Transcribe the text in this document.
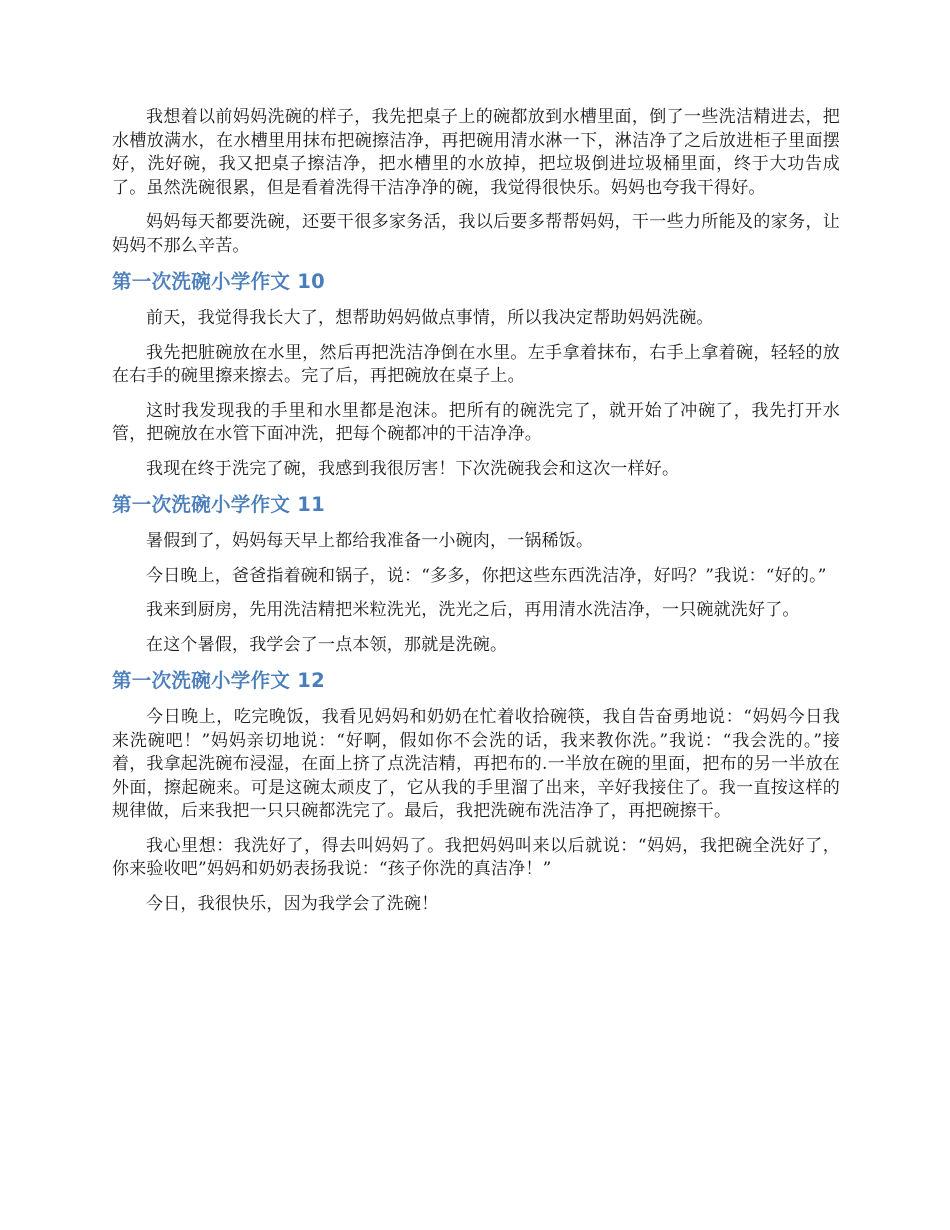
我想着以前妈妈洗碗的样子，我先把桌子上的碗都放到水槽里面，倒了一些洗洁精进去，把水槽放满水，在水槽里用抹布把碗擦洁净，再把碗用清水淋一下，淋洁净了之后放进柜子里面摆好，洗好碗，我又把桌子擦洁净，把水槽里的水放掉，把垃圾倒进垃圾桶里面，终于大功告成了。虽然洗碗很累，但是看着洗得干洁净净的碗，我觉得很快乐。妈妈也夸我干得好。

妈妈每天都要洗碗，还要干很多家务活，我以后要多帮帮妈妈，干一些力所能及的家务，让妈妈不那么辛苦。

第一次洗碗小学作文 10

前天，我觉得我长大了，想帮助妈妈做点事情，所以我决定帮助妈妈洗碗。

我先把脏碗放在水里，然后再把洗洁净倒在水里。左手拿着抹布，右手上拿着碗，轻轻的放在右手的碗里擦来擦去。完了后，再把碗放在桌子上。

这时我发现我的手里和水里都是泡沫。把所有的碗洗完了，就开始了冲碗了，我先打开水管，把碗放在水管下面冲洗，把每个碗都冲的干洁净净。

我现在终于洗完了碗，我感到我很厉害！下次洗碗我会和这次一样好。

第一次洗碗小学作文 11

暑假到了，妈妈每天早上都给我准备一小碗肉，一锅稀饭。

今日晚上，爸爸指着碗和锅子，说：“多多，你把这些东西洗洁净，好吗？”我说：“好的。”

我来到厨房，先用洗洁精把米粒洗光，洗光之后，再用清水洗洁净，一只碗就洗好了。

在这个暑假，我学会了一点本领，那就是洗碗。

第一次洗碗小学作文 12

今日晚上，吃完晚饭，我看见妈妈和奶奶在忙着收拾碗筷，我自告奋勇地说：“妈妈今日我来洗碗吧！”妈妈亲切地说：“好啊，假如你不会洗的话，我来教你洗。”我说：“我会洗的。”接着，我拿起洗碗布浸湿，在面上挤了点洗洁精，再把布的.一半放在碗的里面，把布的另一半放在外面，擦起碗来。可是这碗太顽皮了，它从我的手里溜了出来，辛好我接住了。我一直按这样的规律做，后来我把一只只碗都洗完了。最后，我把洗碗布洗洁净了，再把碗擦干。

我心里想：我洗好了，得去叫妈妈了。我把妈妈叫来以后就说：“妈妈，我把碗全洗好了，你来验收吧”妈妈和奶奶表扬我说：“孩子你洗的真洁净！”

今日，我很快乐，因为我学会了洗碗！
